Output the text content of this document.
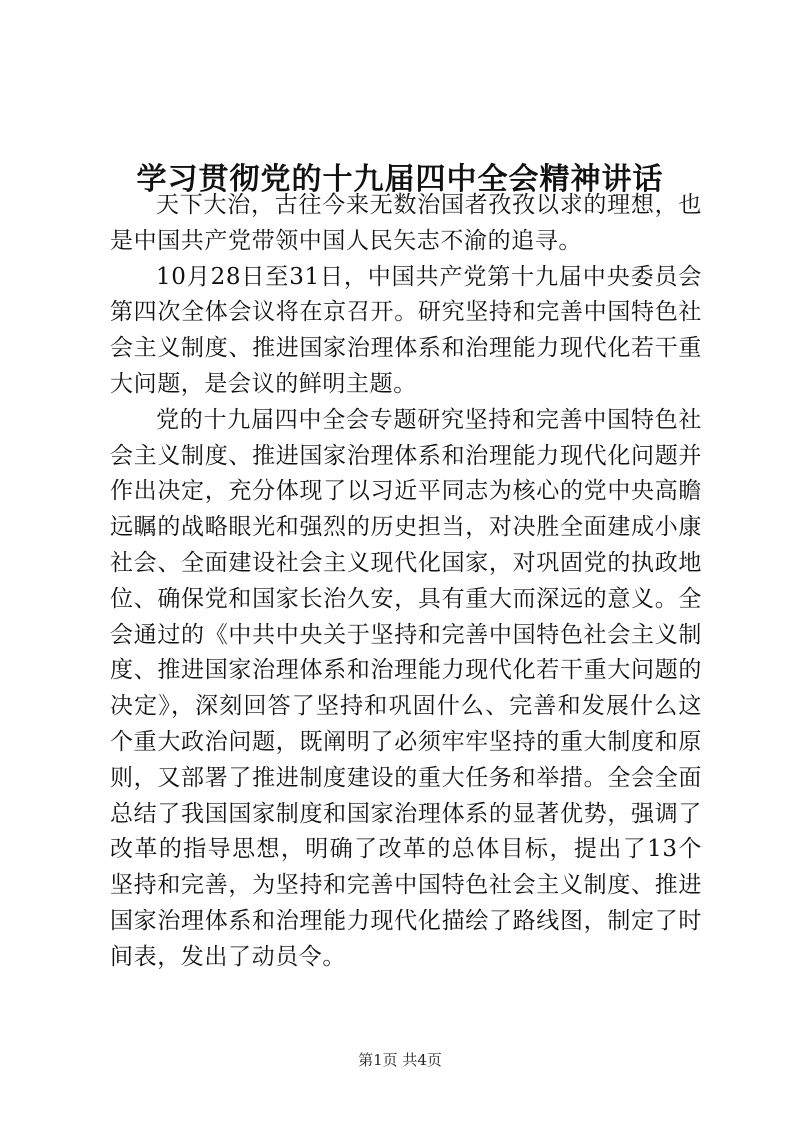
学习贯彻党的十九届四中全会精神讲话

天下大治，古往今来无数治国者孜孜以求的理想，也是中国共产党带领中国人民矢志不渝的追寻。

10月28日至31日，中国共产党第十九届中央委员会第四次全体会议将在京召开。研究坚持和完善中国特色社会主义制度、推进国家治理体系和治理能力现代化若干重大问题，是会议的鲜明主题。

党的十九届四中全会专题研究坚持和完善中国特色社会主义制度、推进国家治理体系和治理能力现代化问题并作出决定，充分体现了以习近平同志为核心的党中央高瞻远瞩的战略眼光和强烈的历史担当，对决胜全面建成小康社会、全面建设社会主义现代化国家，对巩固党的执政地位、确保党和国家长治久安，具有重大而深远的意义。全会通过的《中共中央关于坚持和完善中国特色社会主义制度、推进国家治理体系和治理能力现代化若干重大问题的决定》，深刻回答了坚持和巩固什么、完善和发展什么这个重大政治问题，既阐明了必须牢牢坚持的重大制度和原则，又部署了推进制度建设的重大任务和举措。全会全面总结了我国国家制度和国家治理体系的显著优势，强调了改革的指导思想，明确了改革的总体目标，提出了13个坚持和完善，为坚持和完善中国特色社会主义制度、推进国家治理体系和治理能力现代化描绘了路线图，制定了时间表，发出了动员令。

第1页 共4页
